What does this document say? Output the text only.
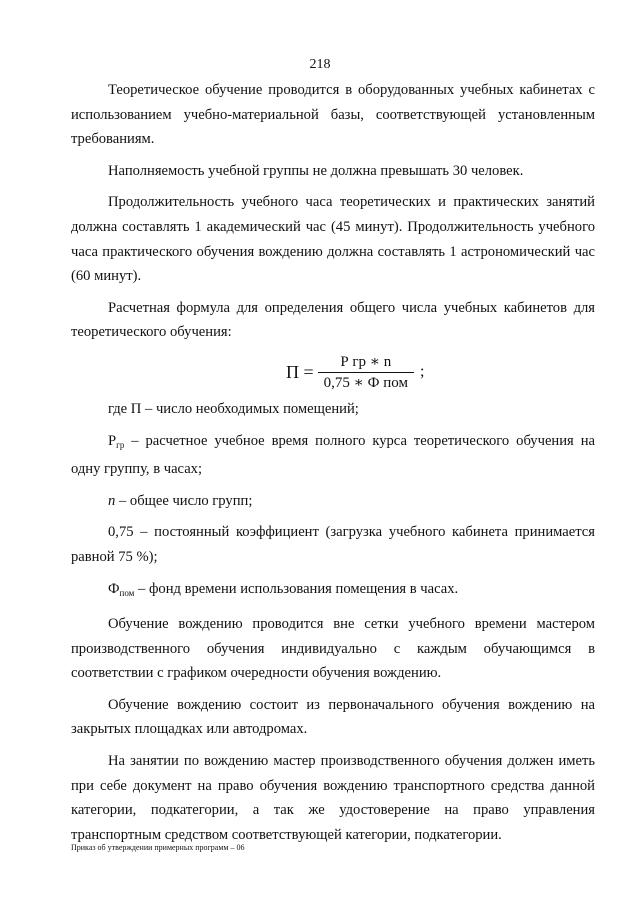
218

Теоретическое обучение проводится в оборудованных учебных кабинетах с использованием учебно-материальной базы, соответствующей установленным требованиям.

Наполняемость учебной группы не должна превышать 30 человек.

Продолжительность учебного часа теоретических и практических занятий должна составлять 1 академический час (45 минут). Продолжительность учебного часа практического обучения вождению должна составлять 1 астрономический час (60 минут).

Расчетная формула для определения общего числа учебных кабинетов для теоретического обучения:

$П = \frac{\text{Р гр ∗ n}}{\text{0,75 ∗ Ф пом}}$ ;

где П – число необходимых помещений;

$Р_{гр}$ – расчетное учебное время полного курса теоретического обучения на одну группу, в часах;

n – общее число групп;

0,75 – постоянный коэффициент (загрузка учебного кабинета принимается равной 75 %);

$Ф_{пом}$ – фонд времени использования помещения в часах.

Обучение вождению проводится вне сетки учебного времени мастером производственного обучения индивидуально с каждым обучающимся в соответствии с графиком очередности обучения вождению.

Обучение вождению состоит из первоначального обучения вождению на закрытых площадках или автодромах.

На занятии по вождению мастер производственного обучения должен иметь при себе документ на право обучения вождению транспортного средства данной категории, подкатегории, а так же удостоверение на право управления транспортным средством соответствующей категории, подкатегории.

Приказ об утверждении примерных программ – 06
